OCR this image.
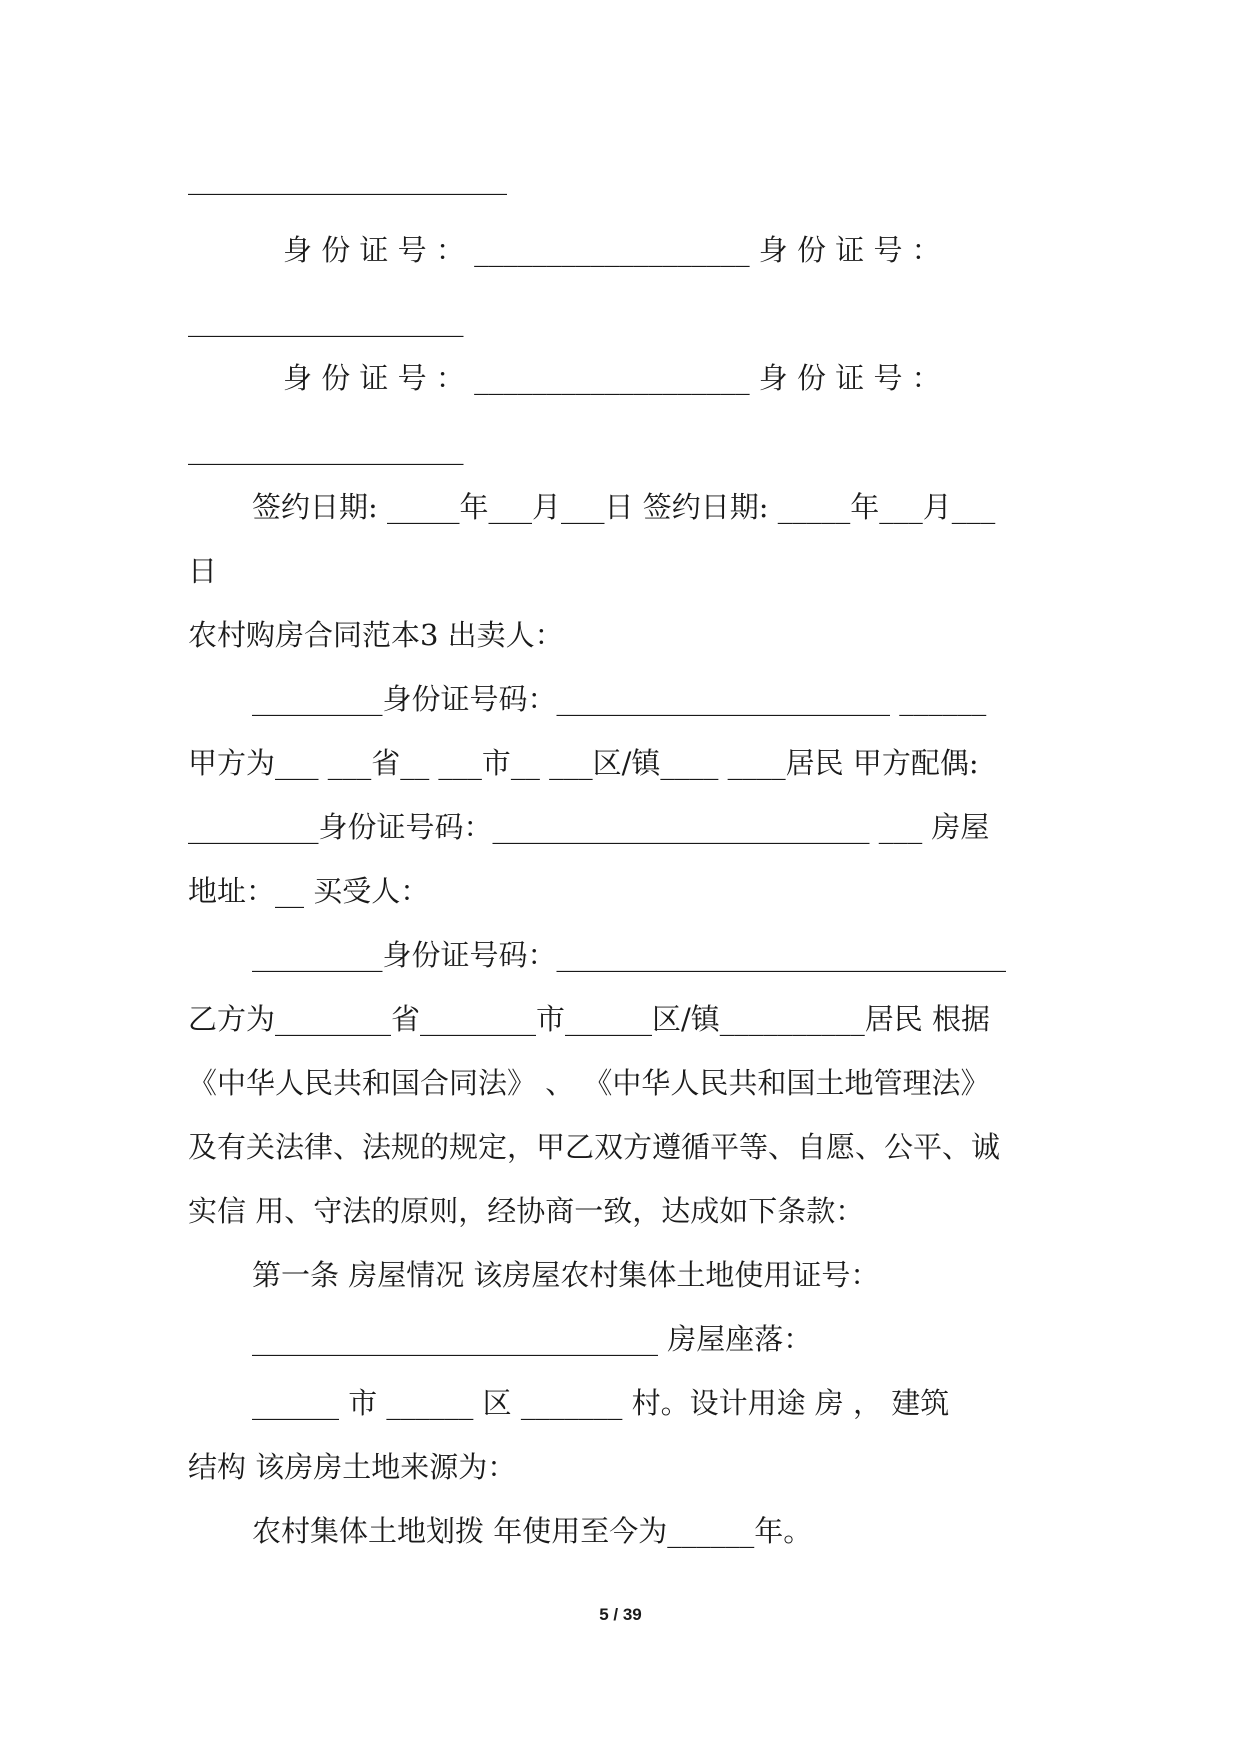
______________________
身 份 证 号 ： ___________________ 身 份 证 号 ：
___________________
身 份 证 号 ： ___________________ 身 份 证 号 ：
___________________
签约日期: _____年___月___日 签约日期: _____年___月___
日
农村购房合同范本3 出卖人：
_________身份证号码：_______________________ ______
甲方为___ ___省__ ___市__ ___区/镇____ ____居民 甲方配偶:
_________身份证号码：__________________________ ___ 房屋
地址：__ 买受人：
_________身份证号码：_______________________________
乙方为________省________市______区/镇__________居民 根据
《中华人民共和国合同法》 、 《中华人民共和国土地管理法》
及有关法律、法规的规定，甲乙双方遵循平等、自愿、公平、诚
实信 用、守法的原则，经协商一致，达成如下条款：
第一条 房屋情况 该房屋农村集体土地使用证号：
____________________________ 房屋座落：
______ 市 ______ 区 _______ 村。设计用途 房 ， 建筑
结构 该房房土地来源为：
农村集体土地划拨 年使用至今为______年。
5 / 39
